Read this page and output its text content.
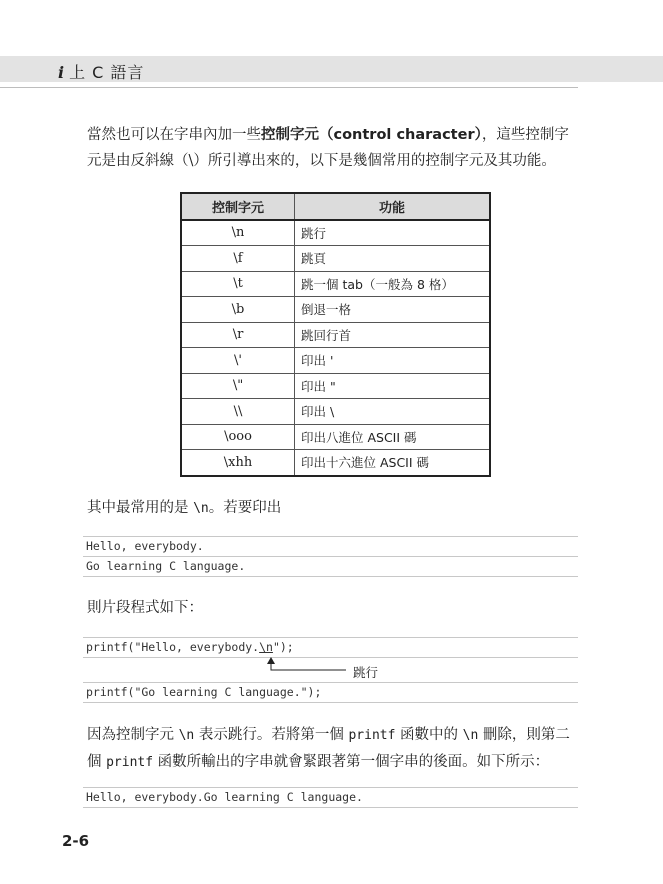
i 上 C 語言
當然也可以在字串內加一些控制字元（control character），這些控制字元是由反斜線（\）所引導出來的，以下是幾個常用的控制字元及其功能。
控制字元	功能
\n	跳行
\f	跳頁
\t	跳一個 tab（一般為 8 格）
\b	倒退一格
\r	跳回行首
\'	印出 '
\"	印出 "
\\	印出 \
\ooo	印出八進位 ASCII 碼
\xhh	印出十六進位 ASCII 碼
其中最常用的是 \n。若要印出
Hello, everybody.
Go learning C language.
則片段程式如下：
printf("Hello, everybody.\n");
跳行
printf("Go learning C language.");
因為控制字元 \n 表示跳行。若將第一個 printf 函數中的 \n 刪除，則第二個 printf 函數所輸出的字串就會緊跟著第一個字串的後面。如下所示：
Hello, everybody.Go learning C language.
2-6
